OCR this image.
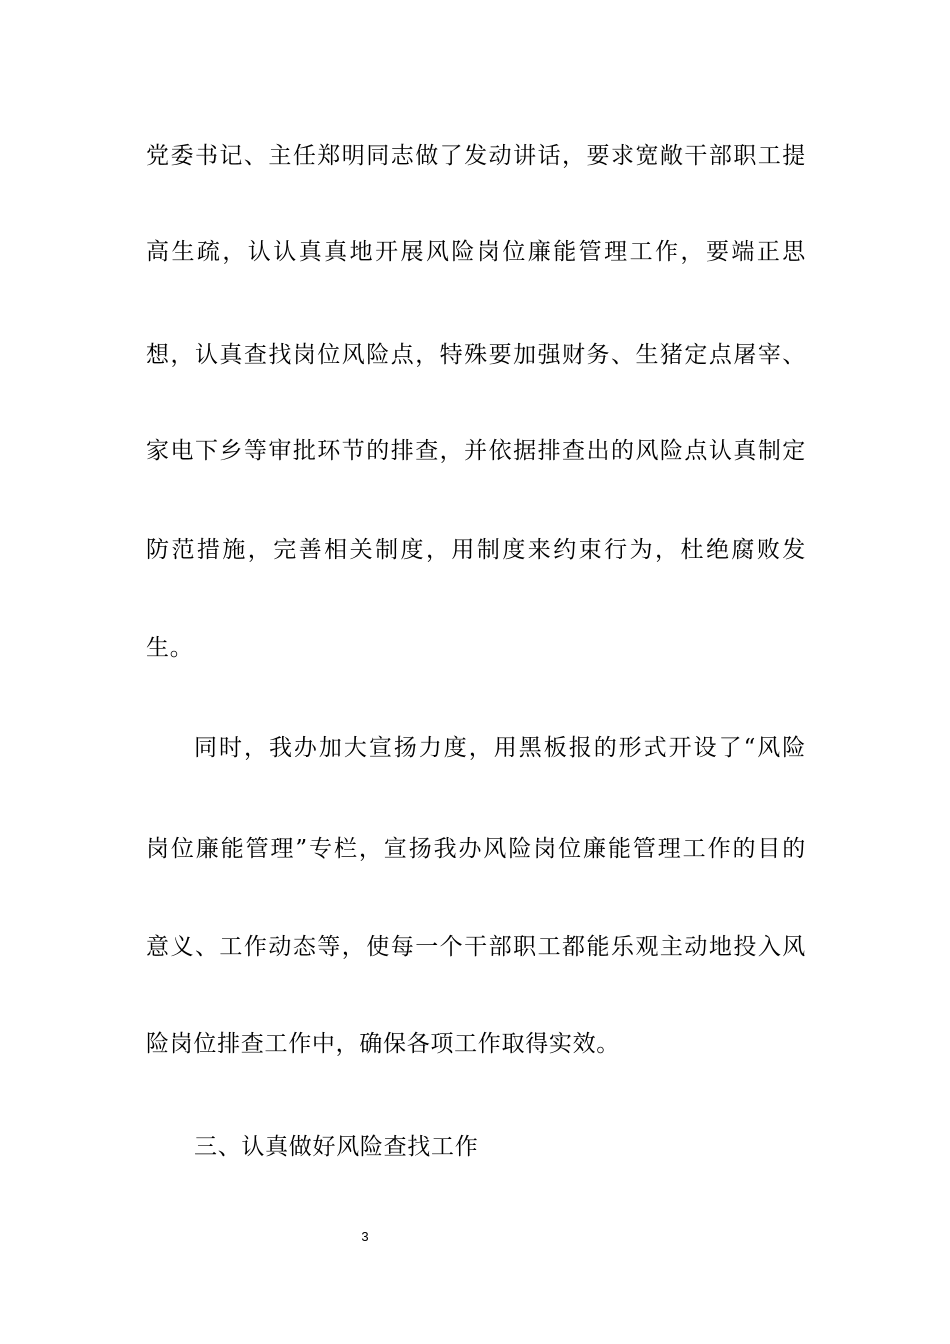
党委书记、主任郑明同志做了发动讲话，要求宽敞干部职工提
高生疏，认认真真地开展风险岗位廉能管理工作，要端正思
想，认真查找岗位风险点，特殊要加强财务、生猪定点屠宰、
家电下乡等审批环节的排查，并依据排查出的风险点认真制定
防范措施，完善相关制度，用制度来约束行为，杜绝腐败发
生。
同时，我办加大宣扬力度，用黑板报的形式开设了“风险
岗位廉能管理”专栏，宣扬我办风险岗位廉能管理工作的目的
意义、工作动态等，使每一个干部职工都能乐观主动地投入风
险岗位排查工作中，确保各项工作取得实效。
三、认真做好风险查找工作
3
